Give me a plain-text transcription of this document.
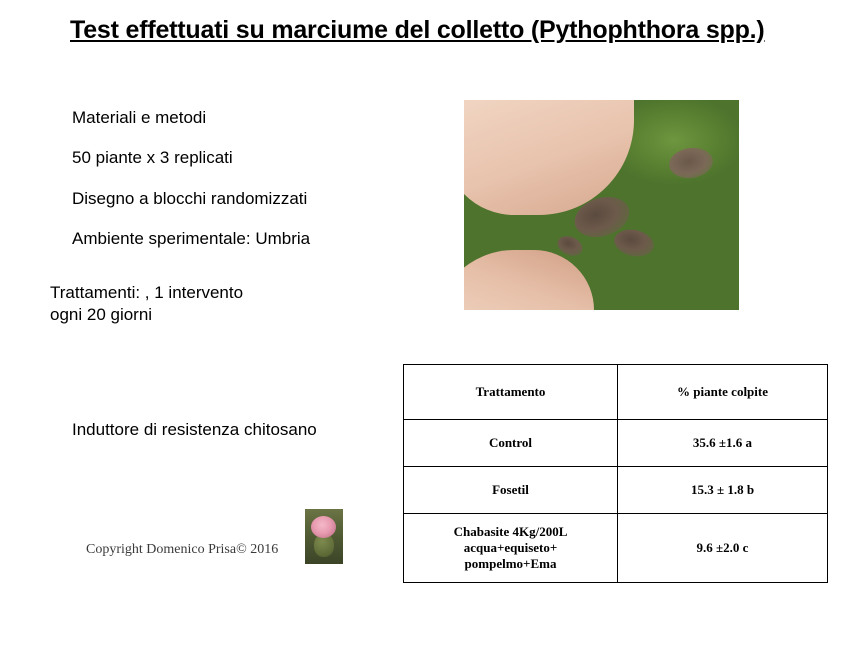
Test effettuati su marciume del colletto (Pythophthora spp.)
Materiali e metodi
50 piante x 3 replicati
Disegno a blocchi randomizzati
Ambiente sperimentale: Umbria
Trattamenti: , 1 intervento
ogni 20 giorni
Induttore di resistenza chitosano
Trattamento	% piante colpite
Control	35.6 ±1.6 a
Fosetil	15.3 ± 1.8 b

Chabasite 4Kg/200L
acqua+equiseto+
pompelmo+Ema	9.6 ±2.0 c
Copyright Domenico Prisa© 2016
